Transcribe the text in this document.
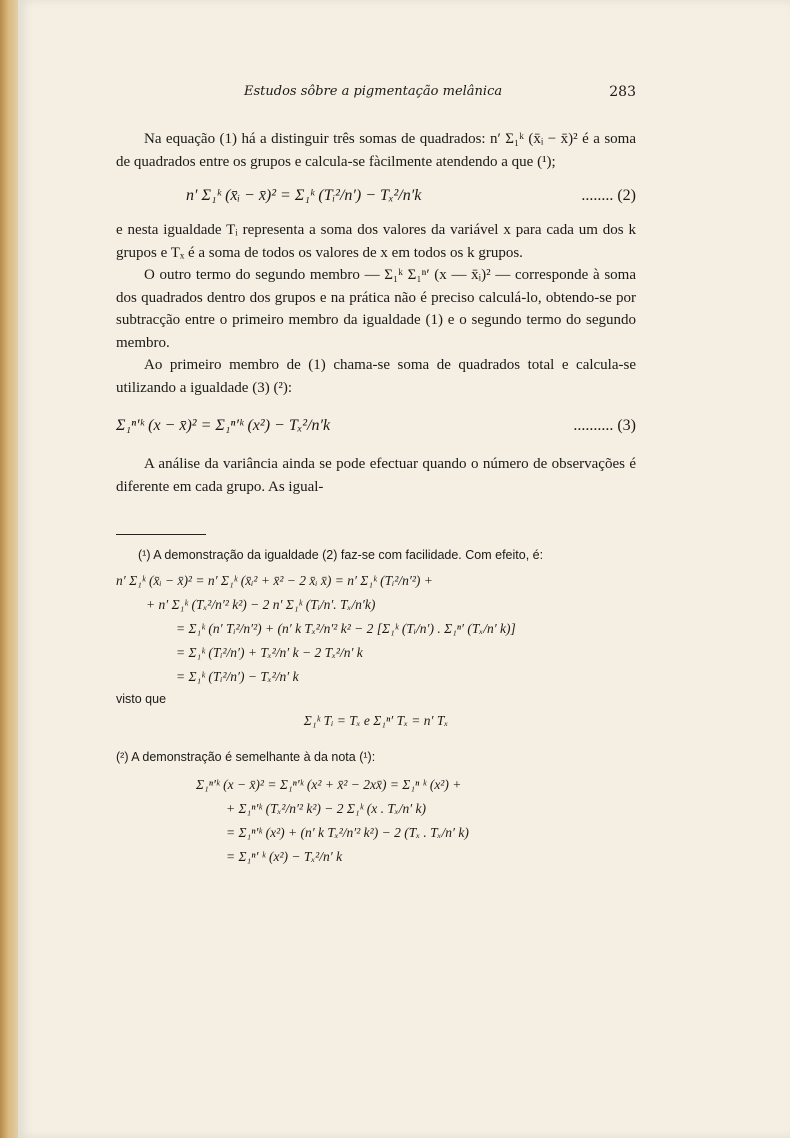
Estudos sôbre a pigmentação melânica	283

Na equação (1) há a distinguir três somas de quadrados: n′ Σ₁ᵏ (x̄ᵢ − x̄)² é a soma de quadrados entre os grupos e calcula-se fàcilmente atendendo a que (¹);

n′ Σ₁ᵏ (x̄ᵢ − x̄)² = Σ₁ᵏ (Tᵢ²/n′) − Tₓ²/n′k	........ (2)

e nesta igualdade Tᵢ representa a soma dos valores da variável x para cada um dos k grupos e Tₓ é a soma de todos os valores de x em todos os k grupos.

O outro termo do segundo membro — Σ₁ᵏ Σ₁ⁿ′ (x — x̄ᵢ)² — corresponde à soma dos quadrados dentro dos grupos e na prática não é preciso calculá-lo, obtendo-se por subtracção entre o primeiro membro da igualdade (1) e o segundo termo do segundo membro.

Ao primeiro membro de (1) chama-se soma de quadrados total e calcula-se utilizando a igualdade (3) (²):

Σ₁ⁿ′ᵏ (x − x̄)² = Σ₁ⁿ′ᵏ (x²) − Tₓ²/n′k	.......... (3)

A análise da variância ainda se pode efectuar quando o número de observações é diferente em cada grupo. As igual-

(¹) A demonstração da igualdade (2) faz-se com facilidade. Com efeito, é:
n′ Σ₁ᵏ (x̄ᵢ − x̄)² = n′ Σ₁ᵏ (x̄ᵢ² + x̄² − 2 x̄ᵢ x̄) = n′ Σ₁ᵏ (Tᵢ²/n′²) +
+ n′ Σ₁ᵏ (Tₓ²/n′² k²) − 2 n′ Σ₁ᵏ (Tᵢ/n′. Tₓ/n′k)
= Σ₁ᵏ (n′ Tᵢ²/n′²) + (n′ k Tₓ²/n′² k² − 2 [Σ₁ᵏ (Tᵢ/n′) . Σ₁ⁿ′ (Tₓ/n′ k)]
= Σ₁ᵏ (Tᵢ²/n′) + Tₓ²/n′ k − 2 Tₓ²/n′ k
= Σ₁ᵏ (Tᵢ²/n′) − Tₓ²/n′ k
visto que
Σ₁ᵏ Tᵢ = Tₓ e Σ₁ⁿ′ Tₓ = n′ Tₓ
(²) A demonstração é semelhante à da nota (¹):
Σ₁ⁿ′ᵏ (x − x̄)² = Σ₁ⁿ′ᵏ (x² + x̄² − 2xx̄) = Σ₁ⁿ ᵏ (x²) +
+ Σ₁ⁿ′ᵏ (Tₓ²/n′² k²) − 2 Σ₁ᵏ (x . Tₓ/n′ k)
= Σ₁ⁿ′ᵏ (x²) + (n′ k Tₓ²/n′² k²) − 2 (Tₓ . Tₓ/n′ k)
= Σ₁ⁿ′ ᵏ (x²) − Tₓ²/n′ k
